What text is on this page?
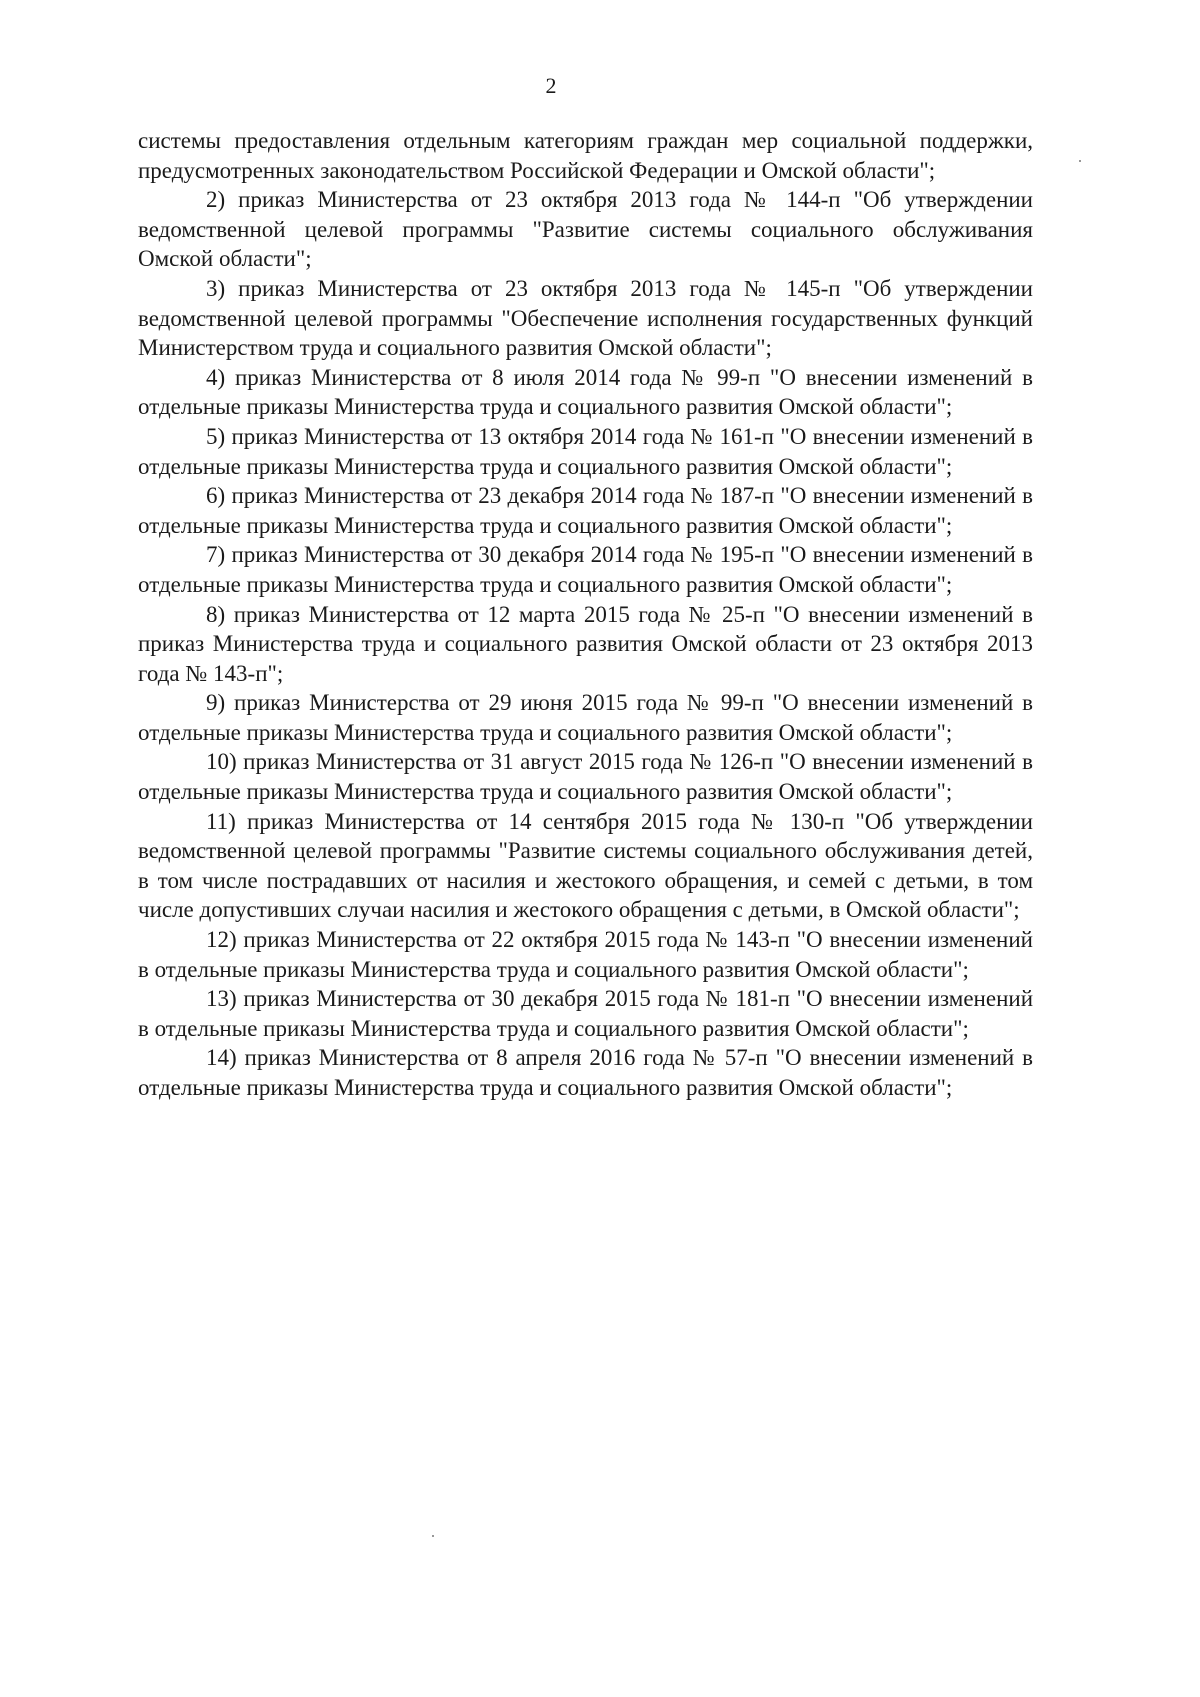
2

системы предоставления отдельным категориям граждан мер социальной поддержки, предусмотренных законодательством Российской Федерации и Омской области";

2) приказ Министерства от 23 октября 2013 года № 144-п "Об утверждении ведомственной целевой программы "Развитие системы социального обслуживания Омской области";

3) приказ Министерства от 23 октября 2013 года № 145-п "Об утверждении ведомственной целевой программы "Обеспечение исполнения государственных функций Министерством труда и социального развития Омской области";

4) приказ Министерства от 8 июля 2014 года № 99-п "О внесении изменений в отдельные приказы Министерства труда и социального развития Омской области";

5) приказ Министерства от 13 октября 2014 года № 161-п "О внесении изменений в отдельные приказы Министерства труда и социального развития Омской области";

6) приказ Министерства от 23 декабря 2014 года № 187-п "О внесении изменений в отдельные приказы Министерства труда и социального развития Омской области";

7) приказ Министерства от 30 декабря 2014 года № 195-п "О внесении изменений в отдельные приказы Министерства труда и социального развития Омской области";

8) приказ Министерства от 12 марта 2015 года № 25-п "О внесении изменений в приказ Министерства труда и социального развития Омской области от 23 октября 2013 года № 143-п";

9) приказ Министерства от 29 июня 2015 года № 99-п "О внесении изменений в отдельные приказы Министерства труда и социального развития Омской области";

10) приказ Министерства от 31 август 2015 года № 126-п "О внесении изменений в отдельные приказы Министерства труда и социального развития Омской области";

11) приказ Министерства от 14 сентября 2015 года № 130-п "Об утверждении ведомственной целевой программы "Развитие системы социального обслуживания детей, в том числе пострадавших от насилия и жестокого обращения, и семей с детьми, в том числе допустивших случаи насилия и жестокого обращения с детьми, в Омской области";

12) приказ Министерства от 22 октября 2015 года № 143-п "О внесении изменений в отдельные приказы Министерства труда и социального развития Омской области";

13) приказ Министерства от 30 декабря 2015 года № 181-п "О внесении изменений в отдельные приказы Министерства труда и социального развития Омской области";

14) приказ Министерства от 8 апреля 2016 года № 57-п "О внесении изменений в отдельные приказы Министерства труда и социального развития Омской области";
